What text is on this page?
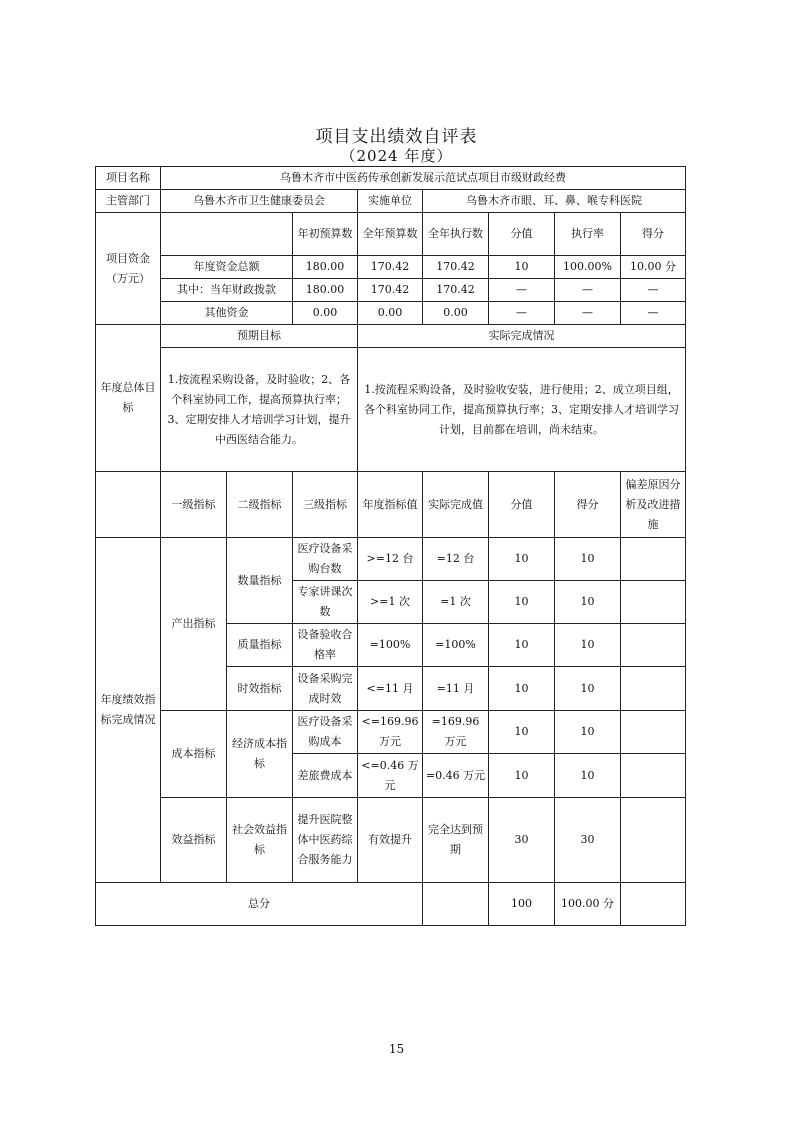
项目支出绩效自评表
（2024 年度）
项目名称	乌鲁木齐市中医药传承创新发展示范试点项目市级财政经费							
主管部门	乌鲁木齐市卫生健康委员会			实施单位	乌鲁木齐市眼、耳、鼻、喉专科医院			
项目资金（万元）			年初预算数	全年预算数	全年执行数	分值	执行率	得分
	年度资金总额		180.00	170.42	170.42	10	100.00%	10.00 分
	其中：当年财政拨款		180.00	170.42	170.42	—	—	—
	其他资金		0.00	0.00	0.00	—	—	—
年度总体目标	预期目标			实际完成情况				
	1.按流程采购设备，及时验收；2、各个科室协同工作，提高预算执行率；3、定期安排人才培训学习计划，提升中西医结合能力。			1.按流程采购设备，及时验收安装，进行使用；2、成立项目组，各个科室协同工作，提高预算执行率；3、定期安排人才培训学习计划，目前都在培训，尚未结束。				
	一级指标	二级指标	三级指标	年度指标值	实际完成值	分值	得分	偏差原因分析及改进措施
年度绩效指标完成情况	产出指标	数量指标	医疗设备采购台数	>=12 台	=12 台	10	10	
			专家讲课次数	>=1 次	=1 次	10	10	
		质量指标	设备验收合格率	=100%	=100%	10	10	
		时效指标	设备采购完成时效	<=11 月	=11 月	10	10	
	成本指标	经济成本指标	医疗设备采购成本	<=169.96 万元	=169.96 万元	10	10	
			差旅费成本	<=0.46 万元	=0.46 万元	10	10	
	效益指标	社会效益指标	提升医院整体中医药综合服务能力	有效提升	完全达到预期	30	30	
总分						100	100.00 分	
15
